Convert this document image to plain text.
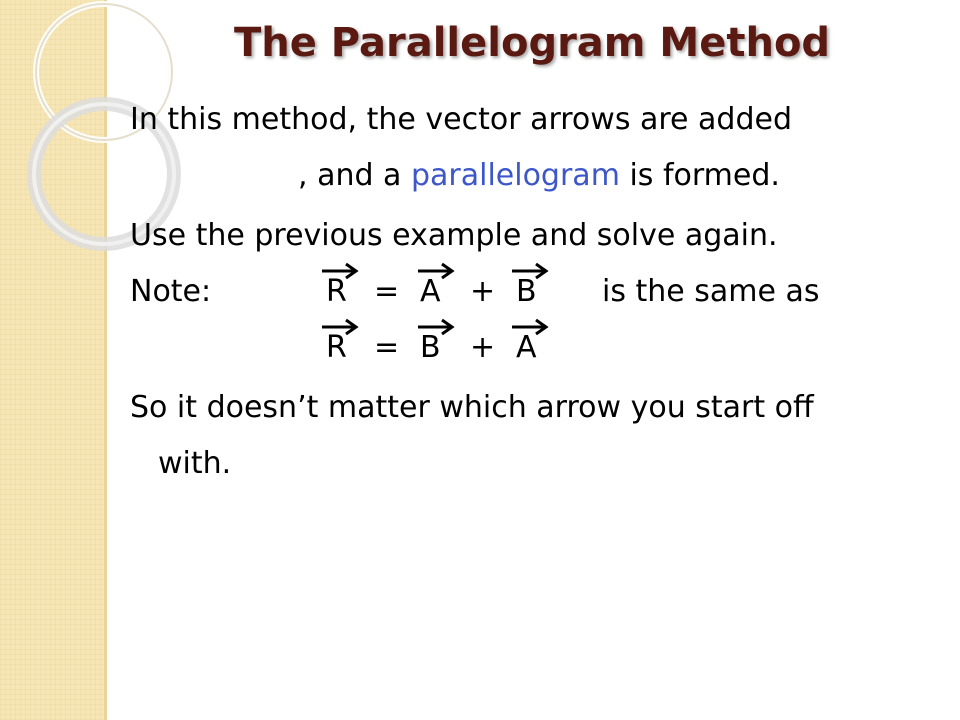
The Parallelogram Method
In this method, the vector arrows are added
, and a parallelogram is formed.
Use the previous example and solve again.
Note:	R = A + B is the same as
R = B + A
So it doesn’t matter which arrow you start off
with.
